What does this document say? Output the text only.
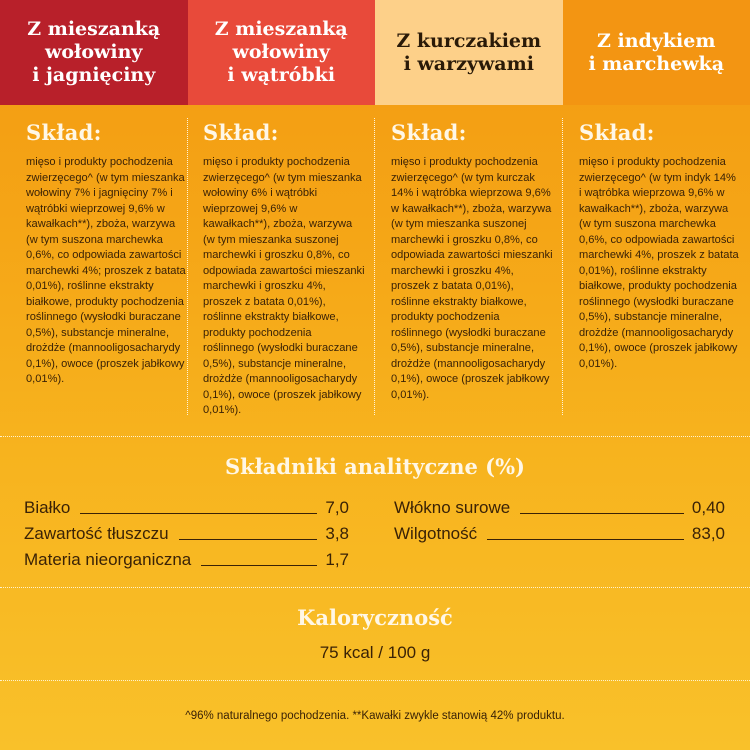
Z mieszanką
wołowiny
i jagnięciny
Z mieszanką
wołowiny
i wątróbki
Z kurczakiem
i warzywami
Z indykiem
i marchewką
Skład:

mięso i produkty pochodzenia zwierzęcego^ (w tym mieszanka wołowiny 7% i jagnięciny 7% i wątróbki wieprzowej 9,6% w kawałkach**), zboża, warzywa (w tym suszona marchewka 0,6%, co odpowiada zawartości marchewki 4%; proszek z batata 0,01%), roślinne ekstrakty białkowe, produkty pochodzenia roślinnego (wysłodki buraczane 0,5%), substancje mineralne, drożdże (mannooligosacharydy 0,1%), owoce (proszek jabłkowy 0,01%).

Skład:

mięso i produkty pochodzenia zwierzęcego^ (w tym mieszanka wołowiny 6% i wątróbki wieprzowej 9,6% w kawałkach**), zboża, warzywa (w tym mieszanka suszonej marchewki i groszku 0,8%, co odpowiada zawartości mieszanki marchewki i groszku 4%, proszek z batata 0,01%), roślinne ekstrakty białkowe, produkty pochodzenia roślinnego (wysłodki buraczane 0,5%), substancje mineralne, drożdże (mannooligosacharydy 0,1%), owoce (proszek jabłkowy 0,01%).

Skład:

mięso i produkty pochodzenia zwierzęcego^ (w tym kurczak 14% i wątróbka wieprzowa 9,6% w kawałkach**), zboża, warzywa (w tym mieszanka suszonej marchewki i groszku 0,8%, co odpowiada zawartości mieszanki marchewki i groszku 4%, proszek z batata 0,01%), roślinne ekstrakty białkowe, produkty pochodzenia roślinnego (wysłodki buraczane 0,5%), substancje mineralne, drożdże (mannooligosacharydy 0,1%), owoce (proszek jabłkowy 0,01%).

Skład:

mięso i produkty pochodzenia zwierzęcego^ (w tym indyk 14% i wątróbka wieprzowa 9,6% w kawałkach**), zboża, warzywa (w tym suszona marchewka 0,6%, co odpowiada zawartości marchewki 4%, proszek z batata 0,01%), roślinne ekstrakty białkowe, produkty pochodzenia roślinnego (wysłodki buraczane 0,5%), substancje mineralne, drożdże (mannooligosacharydy 0,1%), owoce (proszek jabłkowy 0,01%).

Składniki analityczne (%)
Białko	7,0
Zawartość tłuszczu	3,8
Materia nieorganiczna	1,7
Włókno surowe	0,40
Wilgotność	83,0
Kaloryczność
75 kcal / 100 g
^96% naturalnego pochodzenia. **Kawałki zwykle stanowią 42% produktu.
